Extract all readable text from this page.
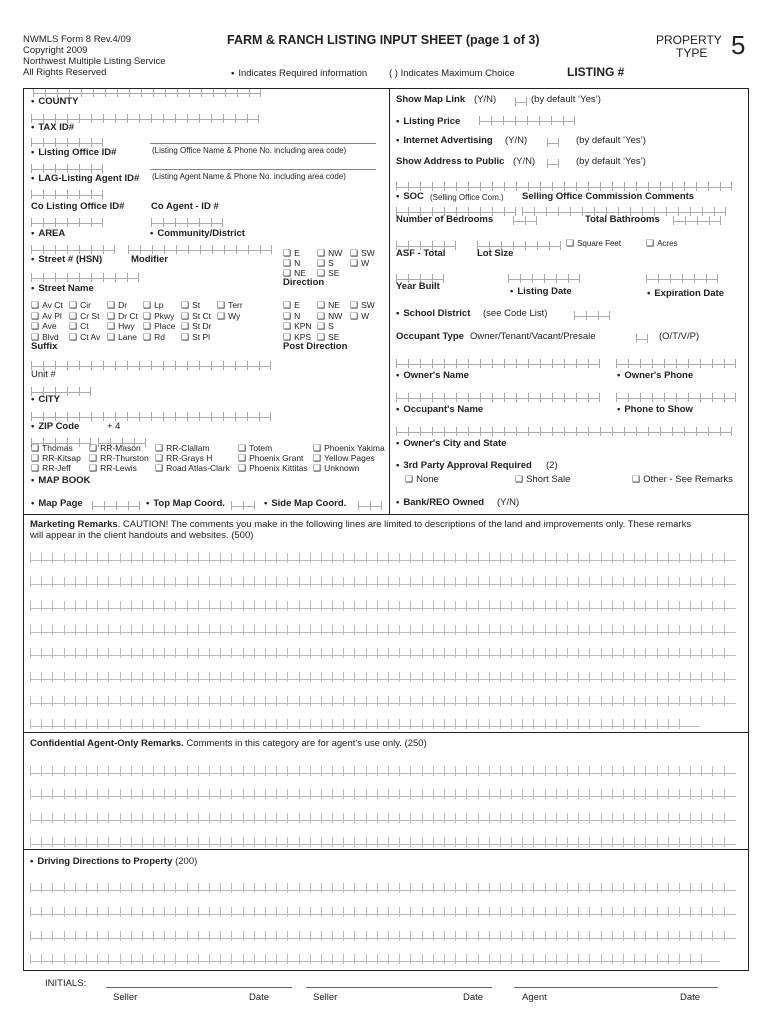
NWMLS Form 8 Rev.4/09
Copyright 2009
Northwest Multiple Listing Service
All Rights Reserved
FARM & RANCH LISTING INPUT SHEET (page 1 of 3)
• Indicates Required information ( ) Indicates Maximum Choice
PROPERTY
TYPE 5
LISTING #
• COUNTY
• TAX ID#
• Listing Office ID#	(Listing Office Name & Phone No. including area code)
• LAG-Listing Agent ID# (Listing Agent Name & Phone No. including area code)
Co Listing Office ID#	Co Agent - ID #
• AREA	• Community/District
• Street # (HSN)	Modifier
❑ E	❑ NW	❑ SW
❑ N	❑ S	❑ W
❑ NE	❑ SE
Direction
• Street Name
❑ Av Ct	❑ Cir	❑ Dr	❑ Lp	❑ St	❑ Terr
❑ Av Pl	❑ Cr St	❑ Dr Ct	❑ Pkwy	❑ St Ct	❑ Wy
❑ Ave	❑ Ct	❑ Hwy	❑ Place	❑ St Dr
❑ Blvd	❑ Ct Av	❑ Lane	❑ Rd	❑ St Pl
Suffix
❑ E	❑ NE	❑ SW
❑ N	❑ NW	❑ W
❑ KPN	❑ S
❑ KPS	❑ SE
Post Direction
Unit #
• CITY
• ZIP Code	+ 4
❑ Thomas	❑ RR-Mason	❑ RR-Clallam	❑ Totem	❑ Phoenix Yakima
❑ RR-Kitsap	❑ RR-Thurston	❑ RR-Grays H	❑ Phoenix Grant	❑ Yellow Pages
❑ RR-Jeff	❑ RR-Lewis	❑ Road Atlas-Clark	❑ Phoenix Kittitas	❑ Unknown
• MAP BOOK
• Map Page	• Top Map Coord.	• Side Map Coord.
Show Map Link (Y/N)	(by default ‘Yes’)
• Listing Price
• Internet Advertising (Y/N)	(by default ‘Yes’)
Show Address to Public (Y/N)	(by default ‘Yes’)
• SOC (Selling Office Com.) Selling Office Commission Comments
Number of Bedrooms	Total Bathrooms
❑ Square Feet	❑ Acres
ASF - Total	Lot Size
Year Built	• Listing Date	• Expiration Date
• School District (see Code List)
Occupant Type Owner/Tenant/Vacant/Presale	(O/T/V/P)
• Owner's Name	• Owner's Phone
• Occupant's Name	• Phone to Show
• Owner's City and State
• 3rd Party Approval Required (2)
❑ None	❑ Short Sale	❑ Other - See Remarks
• Bank/REO Owned (Y/N)
Marketing Remarks. CAUTION! The comments you make in the following lines are limited to descriptions of the land and improvements only. These remarks
will appear in the client handouts and websites. (500)
Confidential Agent-Only Remarks. Comments in this category are for agent's use only. (250)
• Driving Directions to Property (200)
INITIALS:
Seller	Date	Seller	Date	Agent	Date
